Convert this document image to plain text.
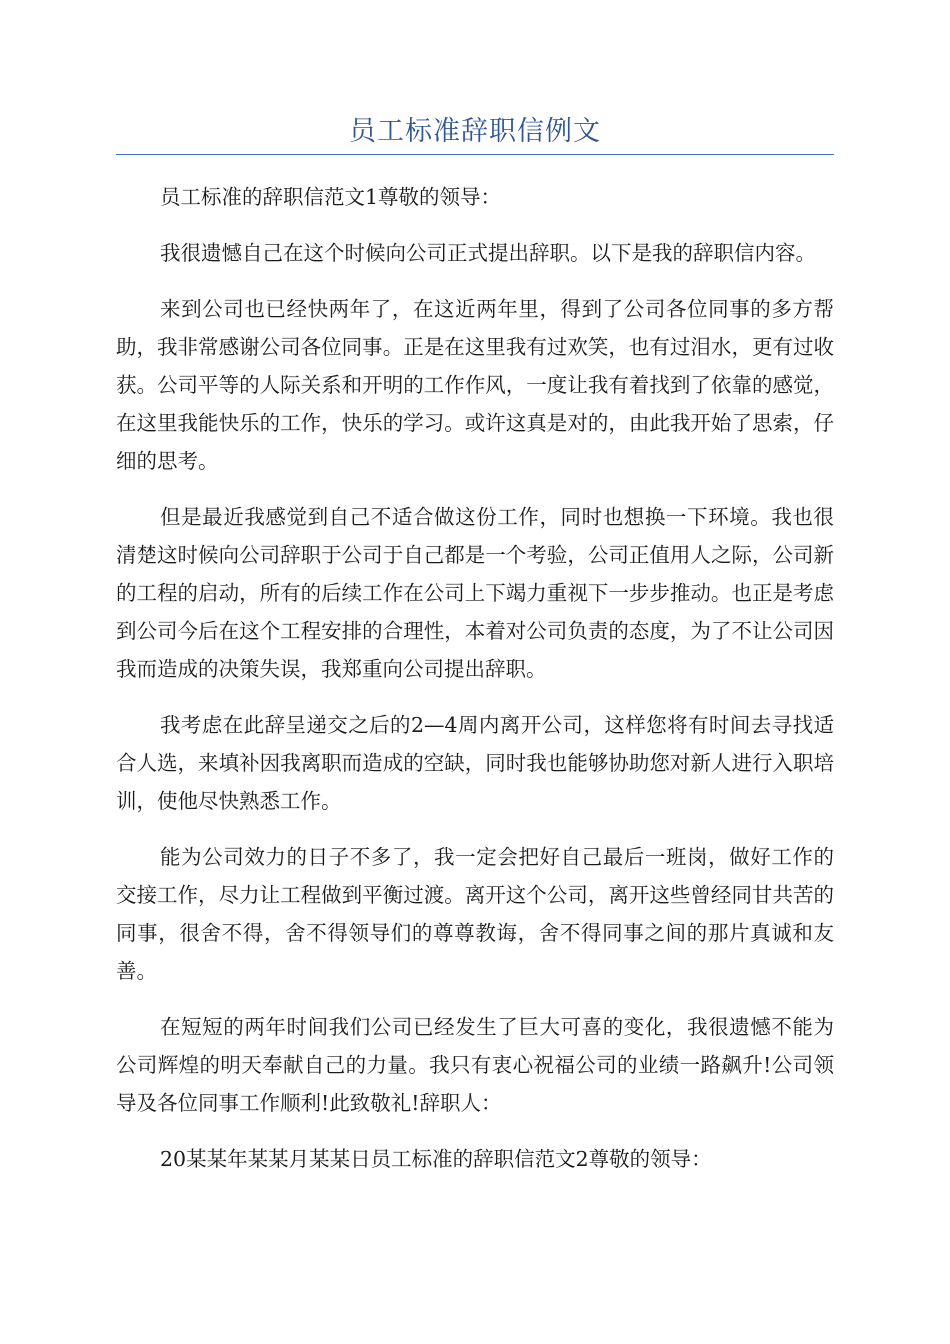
员工标准辞职信例文

员工标准的辞职信范文1尊敬的领导：

我很遗憾自己在这个时候向公司正式提出辞职。以下是我的辞职信内容。

来到公司也已经快两年了，在这近两年里，得到了公司各位同事的多方帮助，我非常感谢公司各位同事。正是在这里我有过欢笑，也有过泪水，更有过收获。公司平等的人际关系和开明的工作作风，一度让我有着找到了依靠的感觉，在这里我能快乐的工作，快乐的学习。或许这真是对的，由此我开始了思索，仔细的思考。

但是最近我感觉到自己不适合做这份工作，同时也想换一下环境。我也很清楚这时候向公司辞职于公司于自己都是一个考验，公司正值用人之际，公司新的工程的启动，所有的后续工作在公司上下竭力重视下一步步推动。也正是考虑到公司今后在这个工程安排的合理性，本着对公司负责的态度，为了不让公司因我而造成的决策失误，我郑重向公司提出辞职。

我考虑在此辞呈递交之后的2—4周内离开公司，这样您将有时间去寻找适合人选，来填补因我离职而造成的空缺，同时我也能够协助您对新人进行入职培训，使他尽快熟悉工作。

能为公司效力的日子不多了，我一定会把好自己最后一班岗，做好工作的交接工作，尽力让工程做到平衡过渡。离开这个公司，离开这些曾经同甘共苦的同事，很舍不得，舍不得领导们的尊尊教诲，舍不得同事之间的那片真诚和友善。

在短短的两年时间我们公司已经发生了巨大可喜的变化，我很遗憾不能为公司辉煌的明天奉献自己的力量。我只有衷心祝福公司的业绩一路飙升!公司领导及各位同事工作顺利!此致敬礼!辞职人：

20某某年某某月某某日员工标准的辞职信范文2尊敬的领导：
